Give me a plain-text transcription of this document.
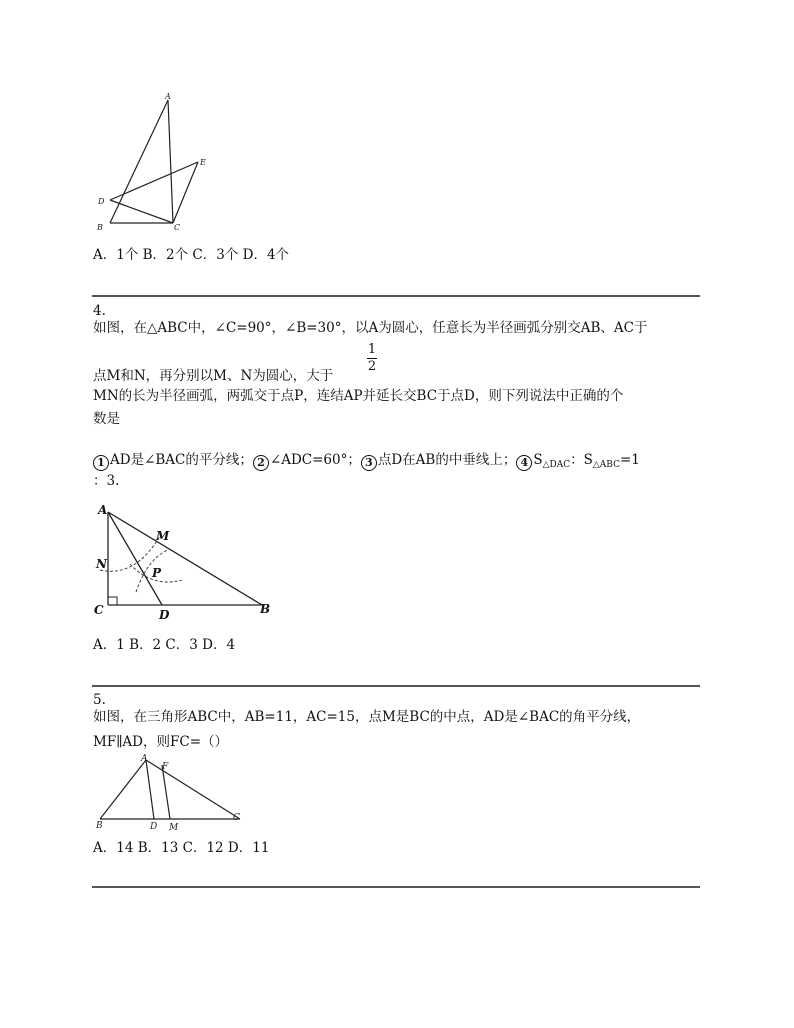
A
E
D
B	C
A．1个 B．2个 C．3个 D．4个
4.
如图，在△ABC中，∠C=90°，∠B=30°，以A为圆心，任意长为半径画弧分别交AB、AC于
1
2
点M和N，再分别以M、N为圆心，大于
MN的长为半径画弧，两弧交于点P，连结AP并延长交BC于点D，则下列说法中正确的个
数是
1 AD是∠BAC的平分线； 2 ∠ADC=60°； 3 点D在AB的中垂线上； 4 $S_{\triangle DAC}$：$S_{\triangle ABC}=1$
：3.
A
M
N
P
C	D	B
A．1 B．2 C．3 D．4
5.
如图，在三角形ABC中，AB=11，AC=15，点M是BC的中点，AD是∠BAC的角平分线，
MF∥AD，则FC=（）
A
F
B	D M
C
A．14 B．13 C．12 D．11
